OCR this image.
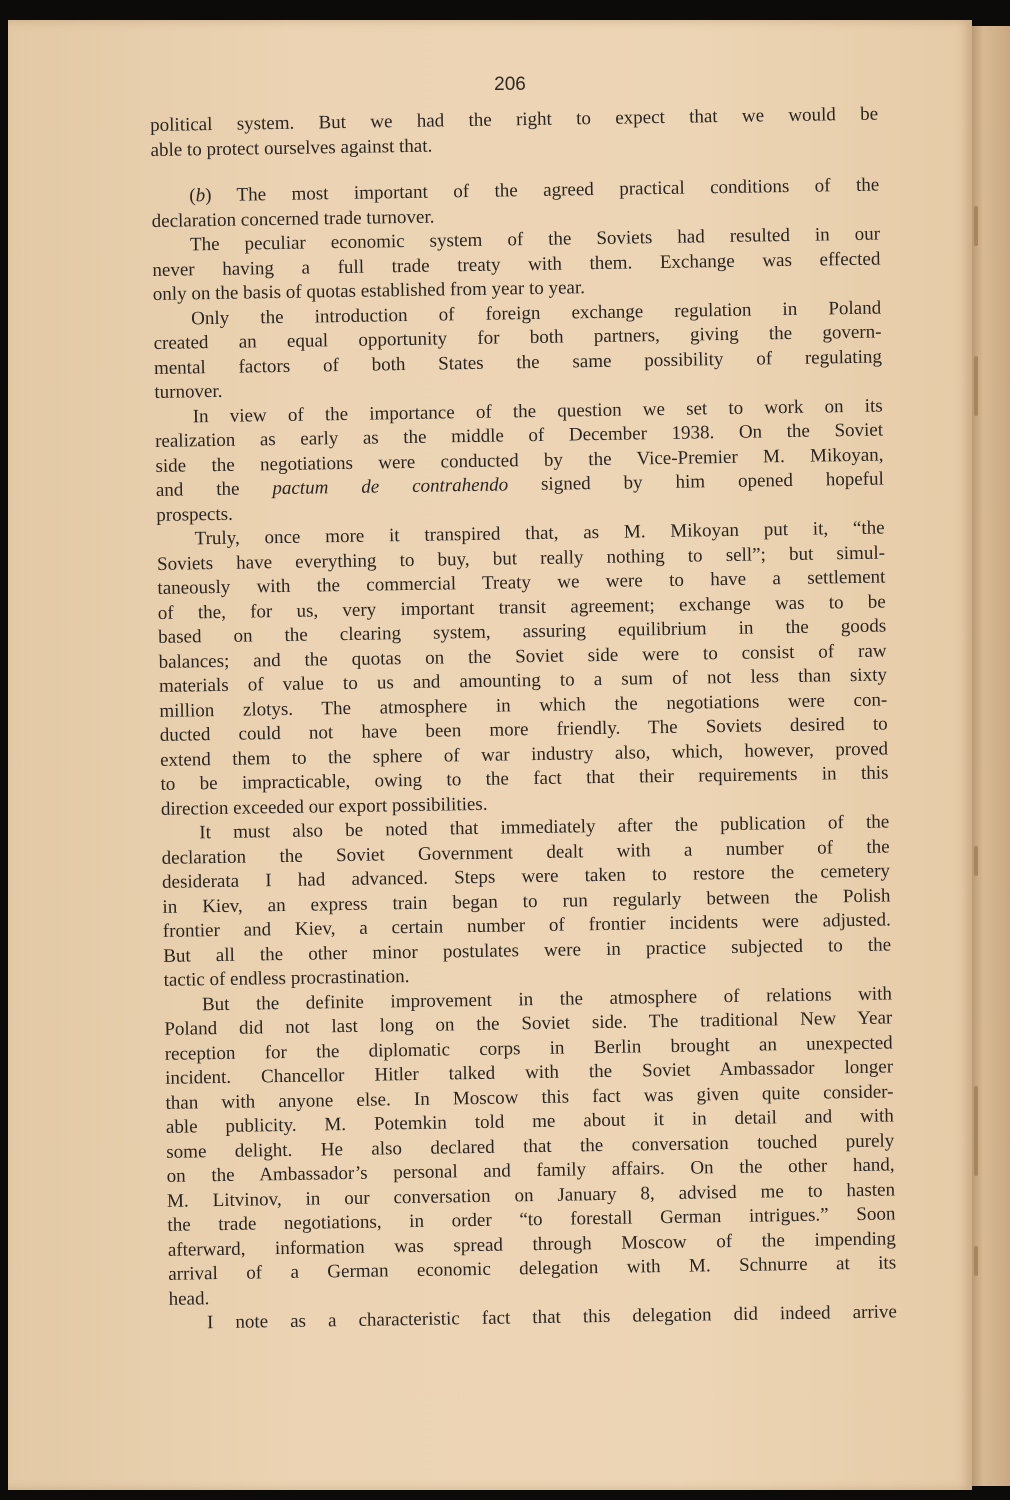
206
political system. But we had the right to expect that we would be
able to protect ourselves against that.
(b) The most important of the agreed practical conditions of the
declaration concerned trade turnover.
The peculiar economic system of the Soviets had resulted in our
never having a full trade treaty with them. Exchange was effected
only on the basis of quotas established from year to year.
Only the introduction of foreign exchange regulation in Poland
created an equal opportunity for both partners, giving the govern-
mental factors of both States the same possibility of regulating
turnover.
In view of the importance of the question we set to work on its
realization as early as the middle of December 1938. On the Soviet
side the negotiations were conducted by the Vice-Premier M. Mikoyan,
and the pactum de contrahendo signed by him opened hopeful
prospects.
Truly, once more it transpired that, as M. Mikoyan put it, “the
Soviets have everything to buy, but really nothing to sell”; but simul-
taneously with the commercial Treaty we were to have a settlement
of the, for us, very important transit agreement; exchange was to be
based on the clearing system, assuring equilibrium in the goods
balances; and the quotas on the Soviet side were to consist of raw
materials of value to us and amounting to a sum of not less than sixty
million zlotys. The atmosphere in which the negotiations were con-
ducted could not have been more friendly. The Soviets desired to
extend them to the sphere of war industry also, which, however, proved
to be impracticable, owing to the fact that their requirements in this
direction exceeded our export possibilities.
It must also be noted that immediately after the publication of the
declaration the Soviet Government dealt with a number of the
desiderata I had advanced. Steps were taken to restore the cemetery
in Kiev, an express train began to run regularly between the Polish
frontier and Kiev, a certain number of frontier incidents were adjusted.
But all the other minor postulates were in practice subjected to the
tactic of endless procrastination.
But the definite improvement in the atmosphere of relations with
Poland did not last long on the Soviet side. The traditional New Year
reception for the diplomatic corps in Berlin brought an unexpected
incident. Chancellor Hitler talked with the Soviet Ambassador longer
than with anyone else. In Moscow this fact was given quite consider-
able publicity. M. Potemkin told me about it in detail and with
some delight. He also declared that the conversation touched purely
on the Ambassador’s personal and family affairs. On the other hand,
M. Litvinov, in our conversation on January 8, advised me to hasten
the trade negotiations, in order “to forestall German intrigues.” Soon
afterward, information was spread through Moscow of the impending
arrival of a German economic delegation with M. Schnurre at its
head.
I note as a characteristic fact that this delegation did indeed arrive
